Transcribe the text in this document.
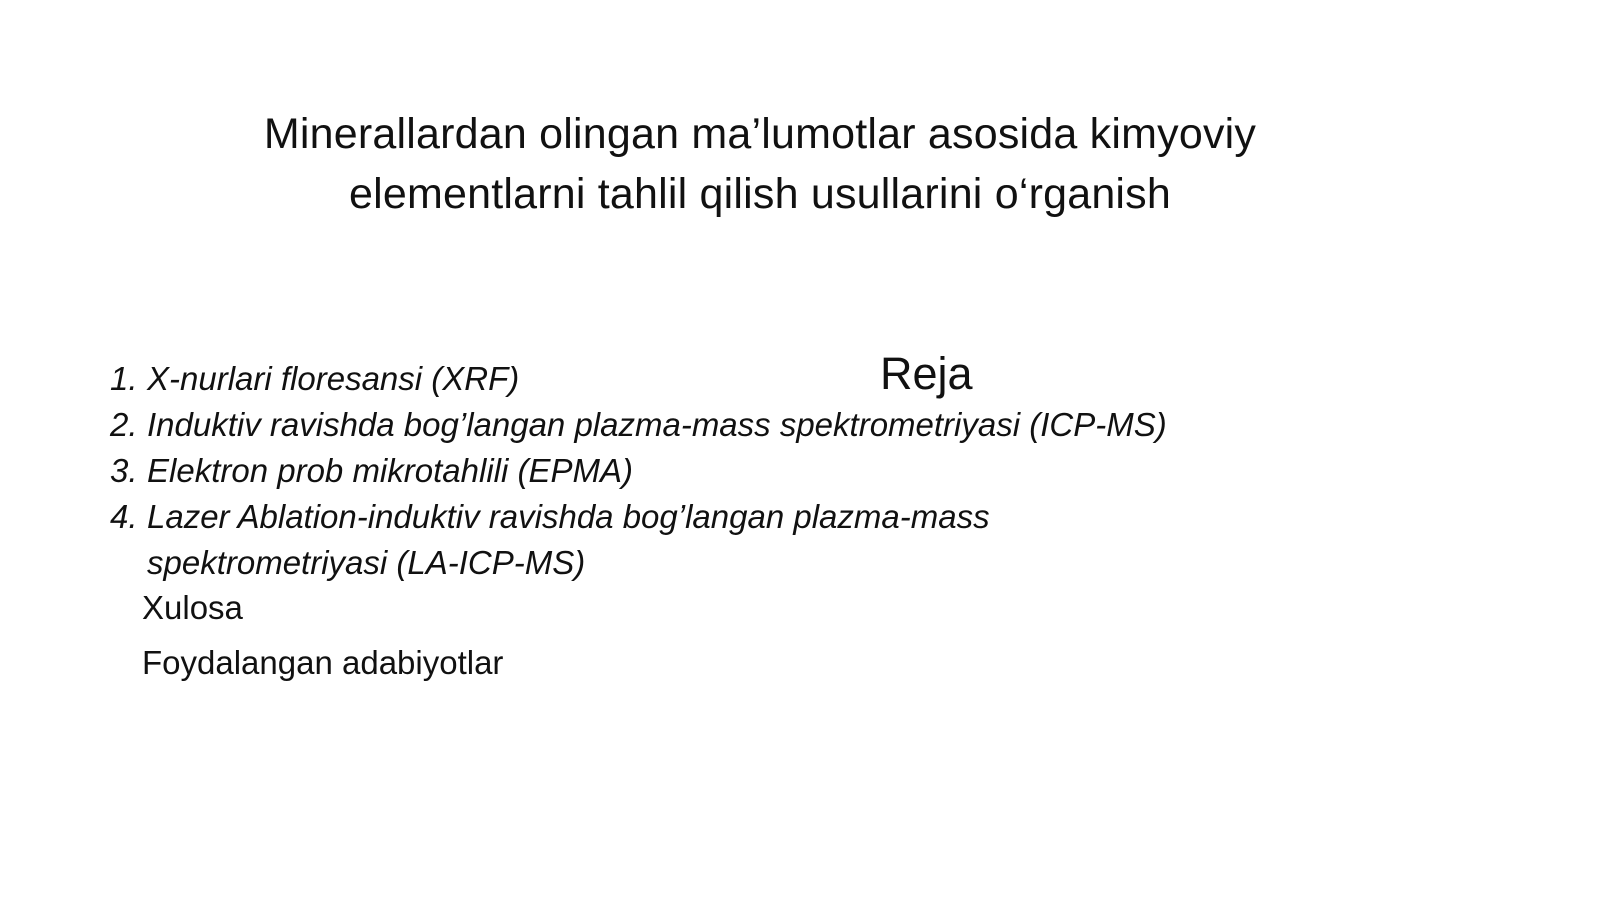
Minerallardan olingan ma’lumotlar asosida kimyoviy
elementlarni tahlil qilish usullarini o‘rganish
Reja
1. X-nurlari floresansi (XRF)
2. Induktiv ravishda bog’langan plazma-mass spektrometriyasi (ICP-MS)
3. Elektron prob mikrotahlili (EPMA)
4. Lazer Ablation-induktiv ravishda bog’langan plazma-mass spektrometriyasi (LA-ICP-MS)

Xulosa

Foydalangan adabiyotlar
